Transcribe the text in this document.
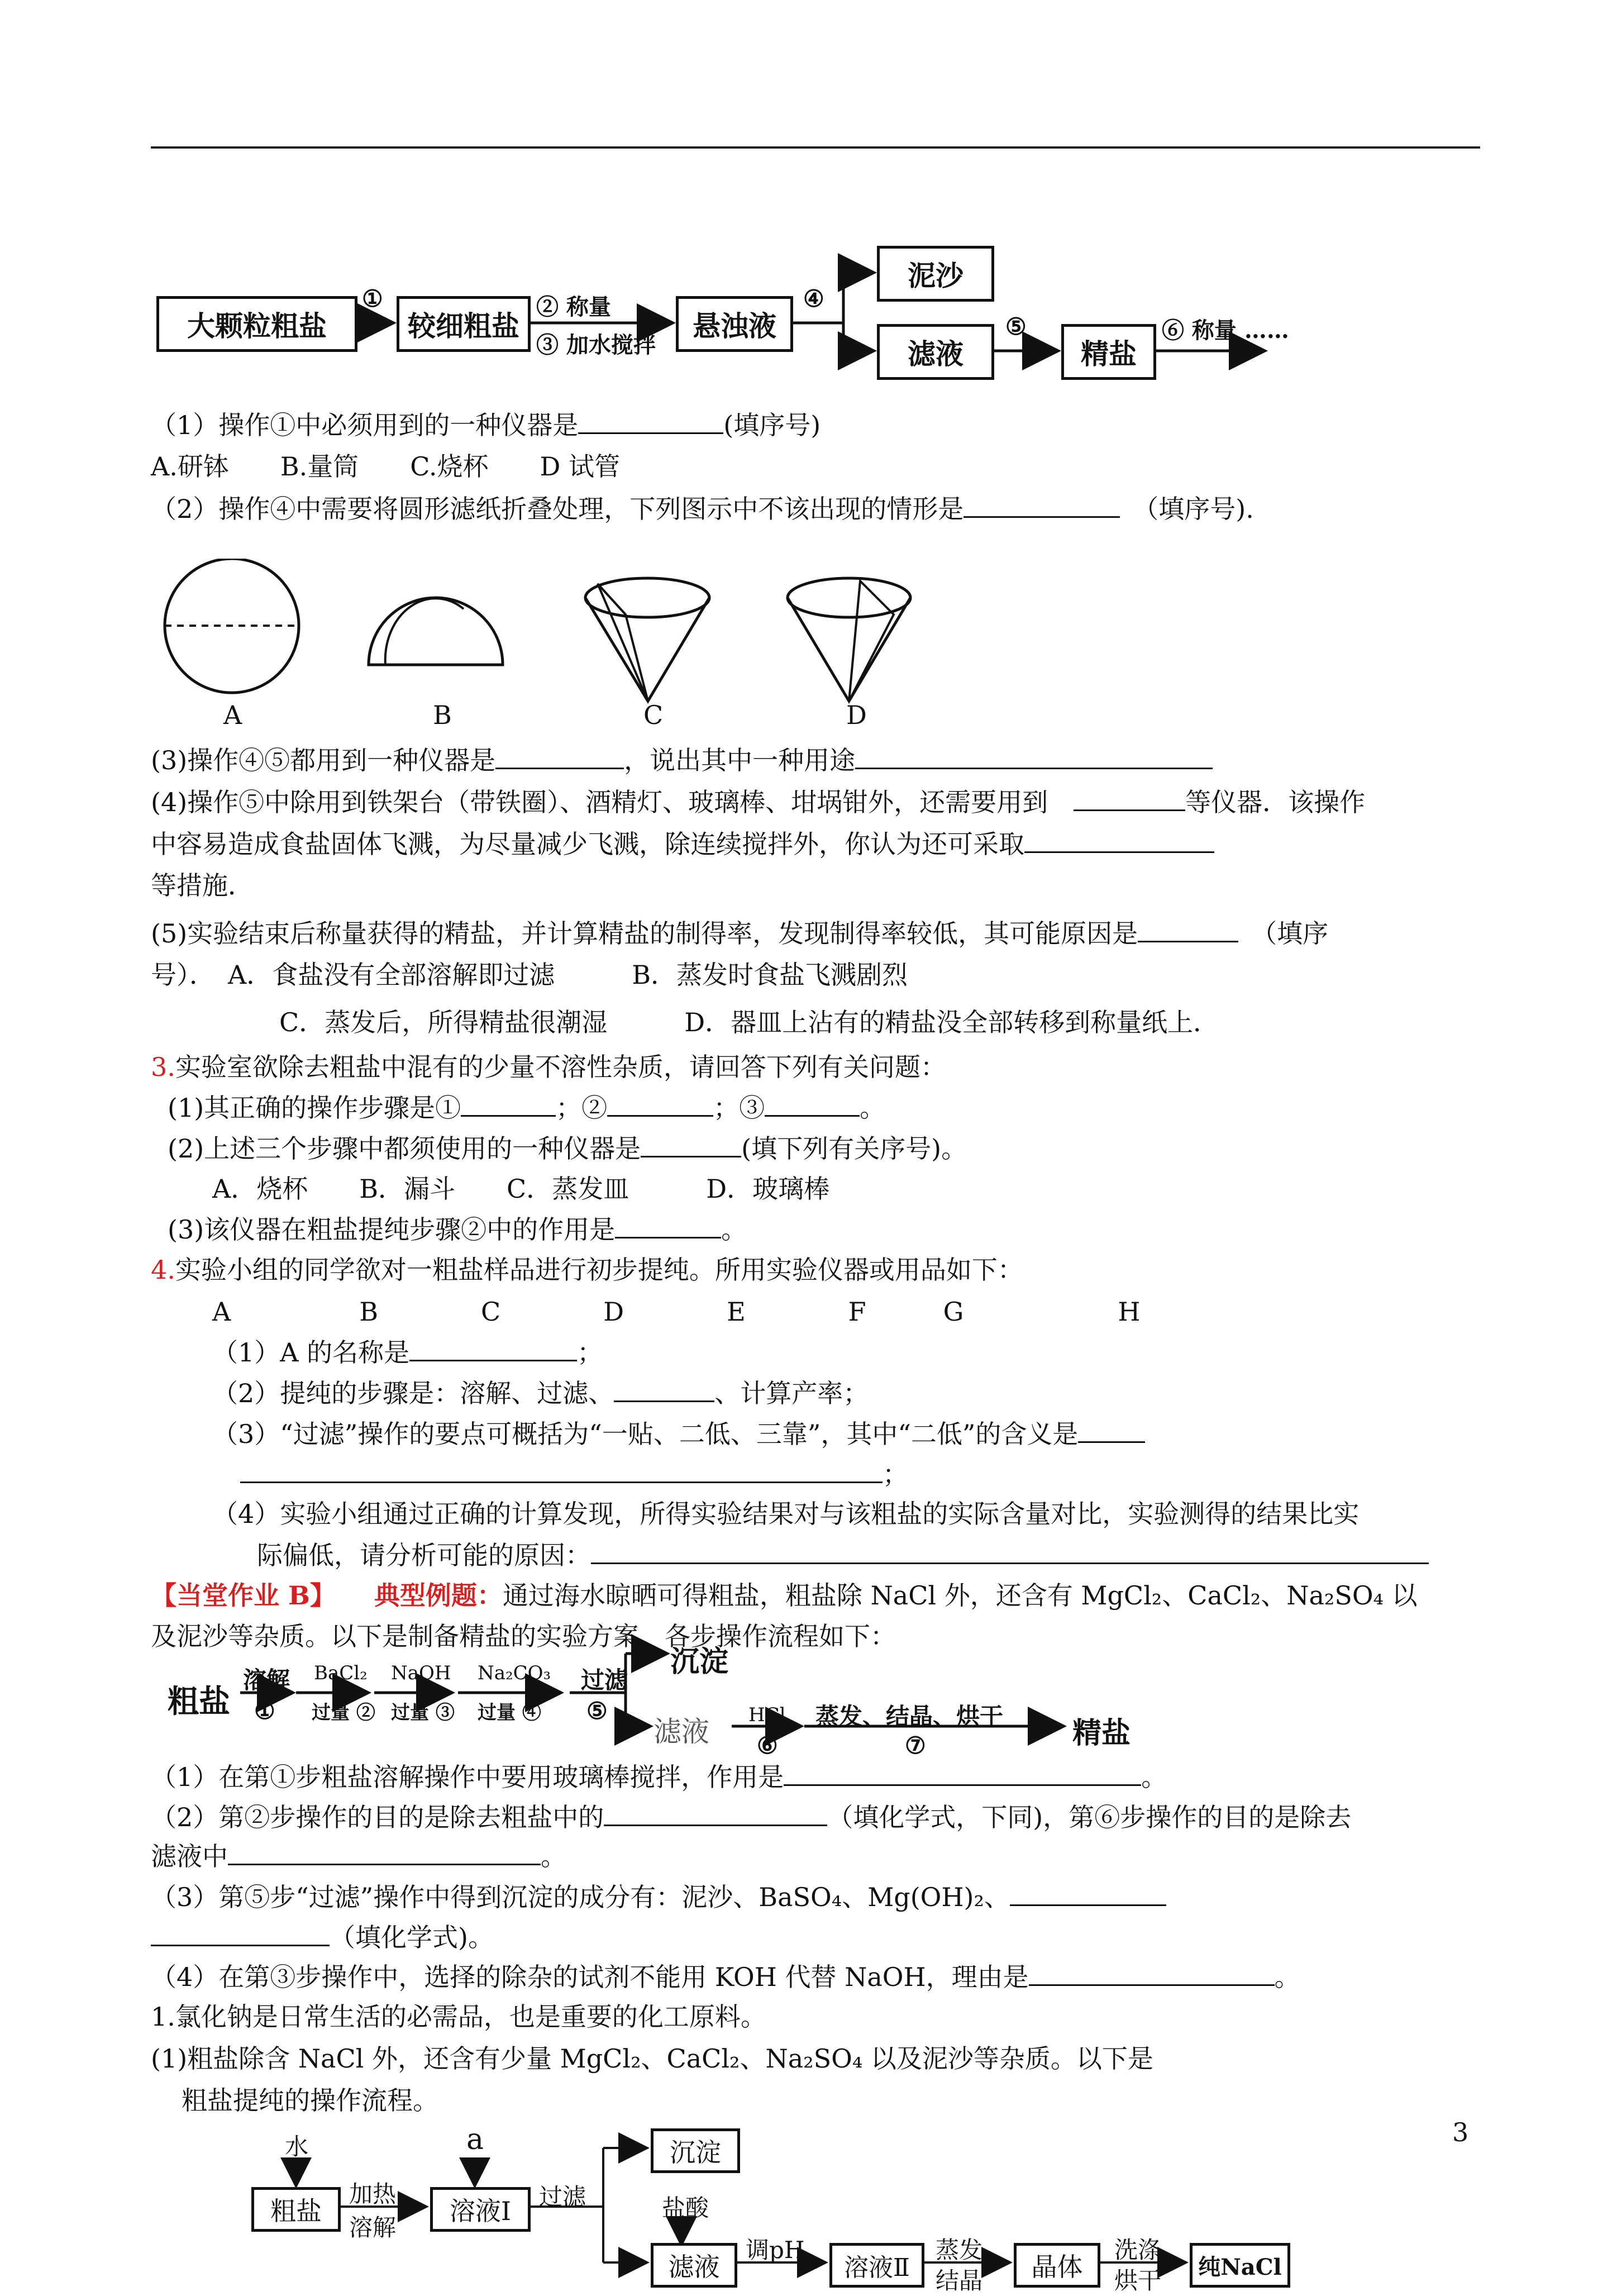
大颗粒粗盐
①
较细粗盐
② 称量
③ 加水搅拌
悬浊液
④
泥沙
滤液
⑤
精盐
⑥ 称量 ……
（1）操作①中必须用到的一种仪器是	(填序号)
A.研钵　　B.量筒　　C.烧杯　　D 试管
（2）操作④中需要将圆形滤纸折叠处理，下列图示中不该出现的情形是　	（填序号).
A	B	C	D
(3)操作④⑤都用到一种仪器是	，说出其中一种用途
(4)操作⑤中除用到铁架台（带铁圈）、酒精灯、玻璃棒、坩埚钳外，还需要用到　	等仪器．该操作
中容易造成食盐固体飞溅，为尽量减少飞溅，除连续搅拌外，你认为还可采取
等措施．
(5)实验结束后称量获得的精盐，并计算精盐的制得率，发现制得率较低，其可能原因是　	（填序
号）．　A．食盐没有全部溶解即过滤　　　B．蒸发时食盐飞溅剧烈
C．蒸发后，所得精盐很潮湿　　　D．器皿上沾有的精盐没全部转移到称量纸上．
3.实验室欲除去粗盐中混有的少量不溶性杂质，请回答下列有关问题：
(1)其正确的操作步骤是①	；②	；③	。
(2)上述三个步骤中都须使用的一种仪器是	(填下列有关序号)。
A．烧杯　　B．漏斗　　C．蒸发皿　　　D．玻璃棒
(3)该仪器在粗盐提纯步骤②中的作用是	。
4.实验小组的同学欲对一粗盐样品进行初步提纯。所用实验仪器或用品如下：
A　　　　　B　　　　C　　　　D　　　　E　　　　F　　　G　　　　　　H
（1）A 的名称是	；
（2）提纯的步骤是：溶解、过滤、	、计算产率；
（3）“过滤”操作的要点可概括为“一贴、二低、三靠”，其中“二低”的含义是
；
（4）实验小组通过正确的计算发现，所得实验结果对与该粗盐的实际含量对比，实验测得的结果比实
际偏低，请分析可能的原因：
【当堂作业 B】　　 典型例题：通过海水晾晒可得粗盐，粗盐除 NaCl 外，还含有 MgCl₂、CaCl₂、Na₂SO₄ 以
及泥沙等杂质。以下是制备精盐的实验方案，各步操作流程如下：
粗盐
溶解
①
BaCl₂
过量 ②
NaOH
过量 ③
Na₂CO₃
过量 ④
过滤
⑤
沉淀
滤液
HCl
⑥
蒸发、结晶、烘干
⑦	精盐
（1）在第①步粗盐溶解操作中要用玻璃棒搅拌，作用是	。
（2）第②步操作的目的是除去粗盐中的	（填化学式，下同)，第⑥步操作的目的是除去
滤液中	。
（3）第⑤步“过滤”操作中得到沉淀的成分有：泥沙、BaSO₄、Mg(OH)₂、
（填化学式)。
（4）在第③步操作中，选择的除杂的试剂不能用 KOH 代替 NaOH，理由是	。
1.氯化钠是日常生活的必需品，也是重要的化工原料。
(1)粗盐除含 NaCl 外，还含有少量 MgCl₂、CaCl₂、Na₂SO₄ 以及泥沙等杂质。以下是
粗盐提纯的操作流程。
水	a
粗盐
加热
溶解
溶液Ⅰ	过滤
沉淀
盐酸
滤液
调pH
溶液Ⅱ
蒸发
结晶	晶体
洗涤
烘干	纯NaCl
3
